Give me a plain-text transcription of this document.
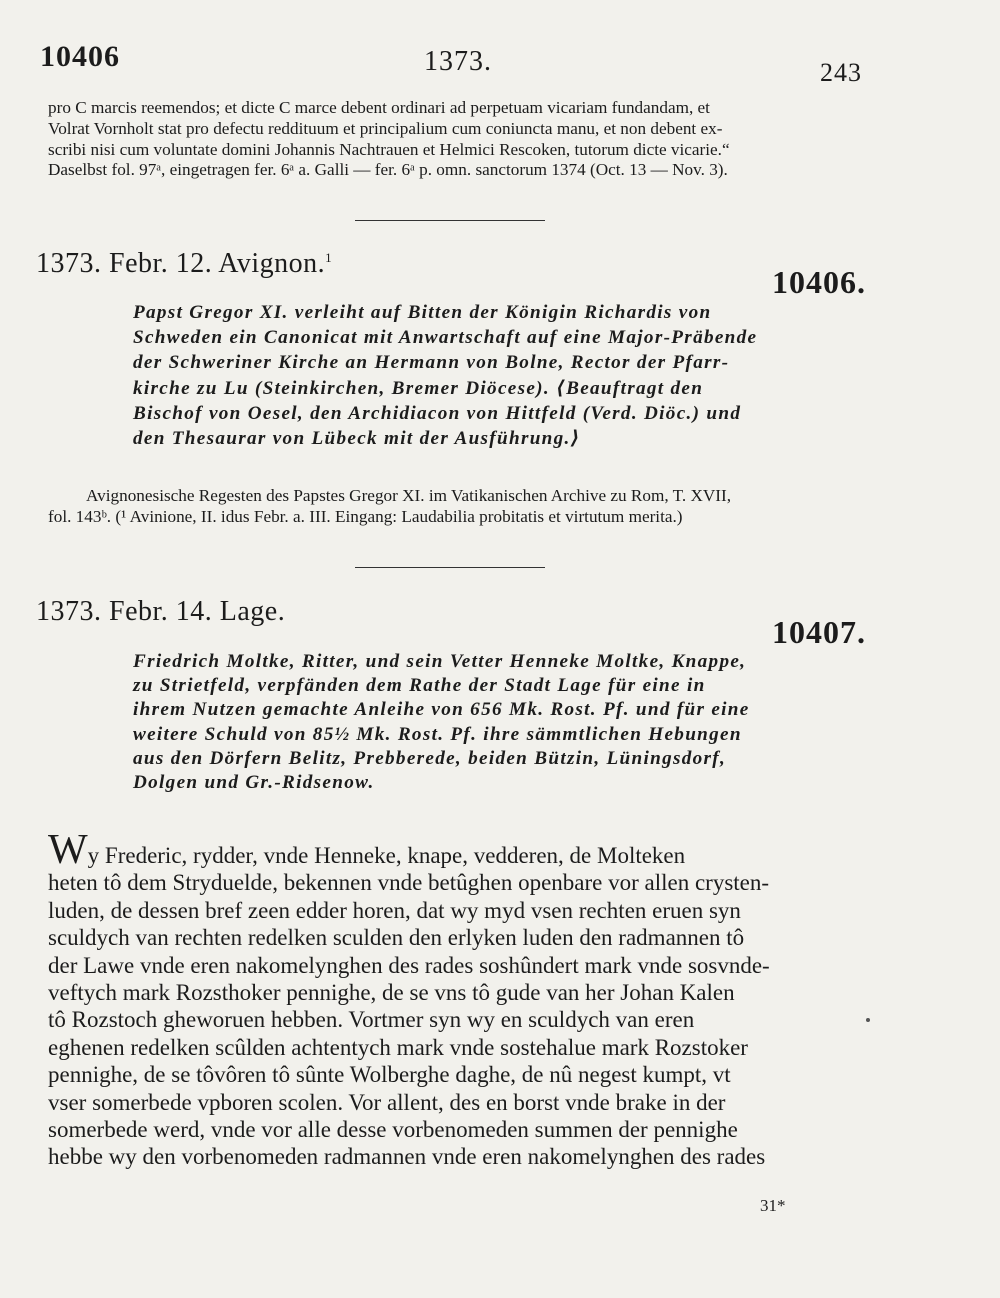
10406	1373.	243
pro C marcis reemendos; et dicte C marce debent ordinari ad perpetuam vicariam fundandam, et
Volrat Vornholt stat pro defectu reddituum et principalium cum coniuncta manu, et non debent ex-
scribi nisi cum voluntate domini Johannis Nachtrauen et Helmici Rescoken, tutorum dicte vicarie.“
Daselbst fol. 97ᵃ, eingetragen fer. 6ᵃ a. Galli — fer. 6ᵃ p. omn. sanctorum 1374 (Oct. 13 — Nov. 3).
1373. Febr. 12. Avignon.$^1$
10406.
Papst Gregor XI. verleiht auf Bitten der Königin Richardis von
Schweden ein Canonicat mit Anwartschaft auf eine Major-Präbende
der Schweriner Kirche an Hermann von Bolne, Rector der Pfarr-
kirche zu Lu (Steinkirchen, Bremer Diöcese). ⟨Beauftragt den
Bischof von Oesel, den Archidiacon von Hittfeld (Verd. Diöc.) und
den Thesaurar von Lübeck mit der Ausführung.⟩
Avignonesische Regesten des Papstes Gregor XI. im Vatikanischen Archive zu Rom, T. XVII,
fol. 143ᵇ. (¹ Avinione, II. idus Febr. a. III. Eingang: Laudabilia probitatis et virtutum merita.)
1373. Febr. 14. Lage.
10407.
Friedrich Moltke, Ritter, und sein Vetter Henneke Moltke, Knappe,
zu Strietfeld, verpfänden dem Rathe der Stadt Lage für eine in
ihrem Nutzen gemachte Anleihe von 656 Mk. Rost. Pf. und für eine
weitere Schuld von 85½ Mk. Rost. Pf. ihre sämmtlichen Hebungen
aus den Dörfern Belitz, Prebberede, beiden Bützin, Lüningsdorf,
Dolgen und Gr.-Ridsenow.
Wy Frederic, rydder, vnde Henneke, knape, vedderen, de Molteken
heten tô dem Stryduelde, bekennen vnde betûghen openbare vor allen crysten-
luden, de dessen bref zeen edder horen, dat wy myd vsen rechten eruen syn
sculdych van rechten redelken sculden den erlyken luden den radmannen tô
der Lawe vnde eren nakomelynghen des rades soshûndert mark vnde sosvnde-
veftych mark Rozsthoker pennighe, de se vns tô gude van her Johan Kalen
tô Rozstoch gheworuen hebben. Vortmer syn wy en sculdych van eren
eghenen redelken scûlden achtentych mark vnde sostehalue mark Rozstoker
pennighe, de se tôvôren tô sûnte Wolberghe daghe, de nû negest kumpt, vt
vser somerbede vpboren scolen. Vor allent, des en borst vnde brake in der
somerbede werd, vnde vor alle desse vorbenomeden summen der pennighe
hebbe wy den vorbenomeden radmannen vnde eren nakomelynghen des rades
31*
